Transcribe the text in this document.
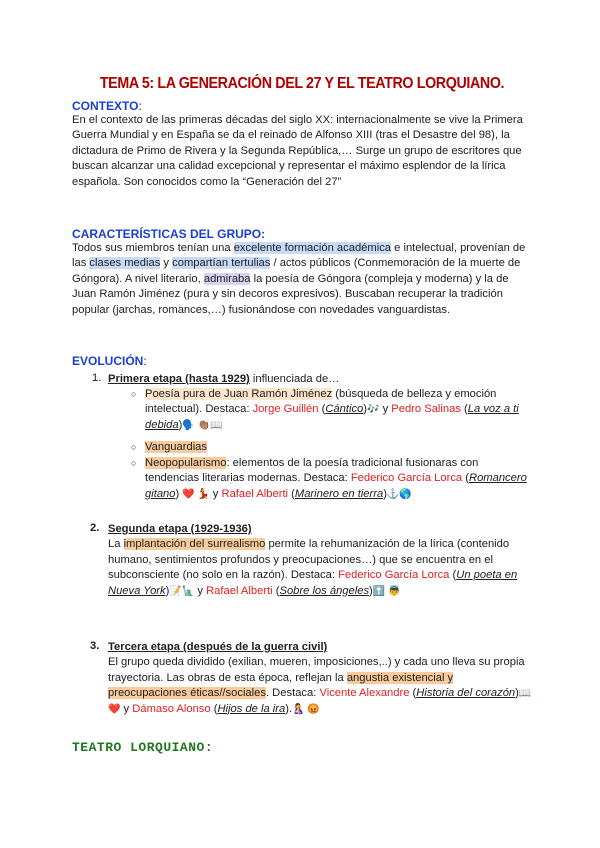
TEMA 5: LA GENERACIÓN DEL 27 Y EL TEATRO LORQUIANO.

CONTEXTO:

En el contexto de las primeras décadas del siglo XX: internacionalmente se vive la Primera Guerra Mundial y en España se da el reinado de Alfonso XIII (tras el Desastre del 98), la dictadura de Primo de Rivera y la Segunda República,… Surge un grupo de escritores que buscan alcanzar una calidad excepcional y representar el máximo esplendor de la lírica española. Son conocidos como la “Generación del 27”

CARACTERÍSTICAS DEL GRUPO:

Todos sus miembros tenían una excelente formación académica e intelectual, provenían de las clases medias y compartían tertulias / actos públicos (Conmemoración de la muerte de Góngora). A nivel literario, admiraba la poesía de Góngora (compleja y moderna) y la de Juan Ramón Jiménez (pura y sin decoros expresivos). Buscaban recuperar la tradición popular (jarchas, romances,…) fusionándose con novedades vanguardistas.

EVOLUCIÓN:

1. Primera etapa (hasta 1929) influenciada de…
○ Poesía pura de Juan Ramón Jiménez (búsqueda de belleza y emoción intelectual). Destaca: Jorge Guillén (Cántico)🎶 y Pedro Salinas (La voz a ti debida)🗣️ 👏🏽📖
○ Vanguardias
○ Neopopularismo: elementos de la poesía tradicional fusionaras con tendencias literarias modernas. Destaca: Federico García Lorca (Romancero gitano) ❤️ 💃 y Rafael Alberti (Marinero en tierra)⚓🌎
2. Segunda etapa (1929-1936)
La implantación del surrealismo permite la rehumanización de la lírica (contenido humano, sentimientos profundos y preocupaciones…) que se encuentra en el subconsciente (no solo en la razón). Destaca: Federico García Lorca (Un poeta en Nueva York)📝🗽 y Rafael Alberti (Sobre los ángeles)⬆️ 👼
3. Tercera etapa (después de la guerra civil)
El grupo queda dividido (exilian, mueren, imposiciones,..) y cada uno lleva su propia trayectoria. Las obras de esta época, reflejan la angustia existencial y preocupaciones éticas//sociales. Destaca: Vicente Alexandre (Historia del corazón)📖❤️ y Dámaso Alonso (Hijos de la ira).🤱 😡
TEATRO LORQUIANO:
